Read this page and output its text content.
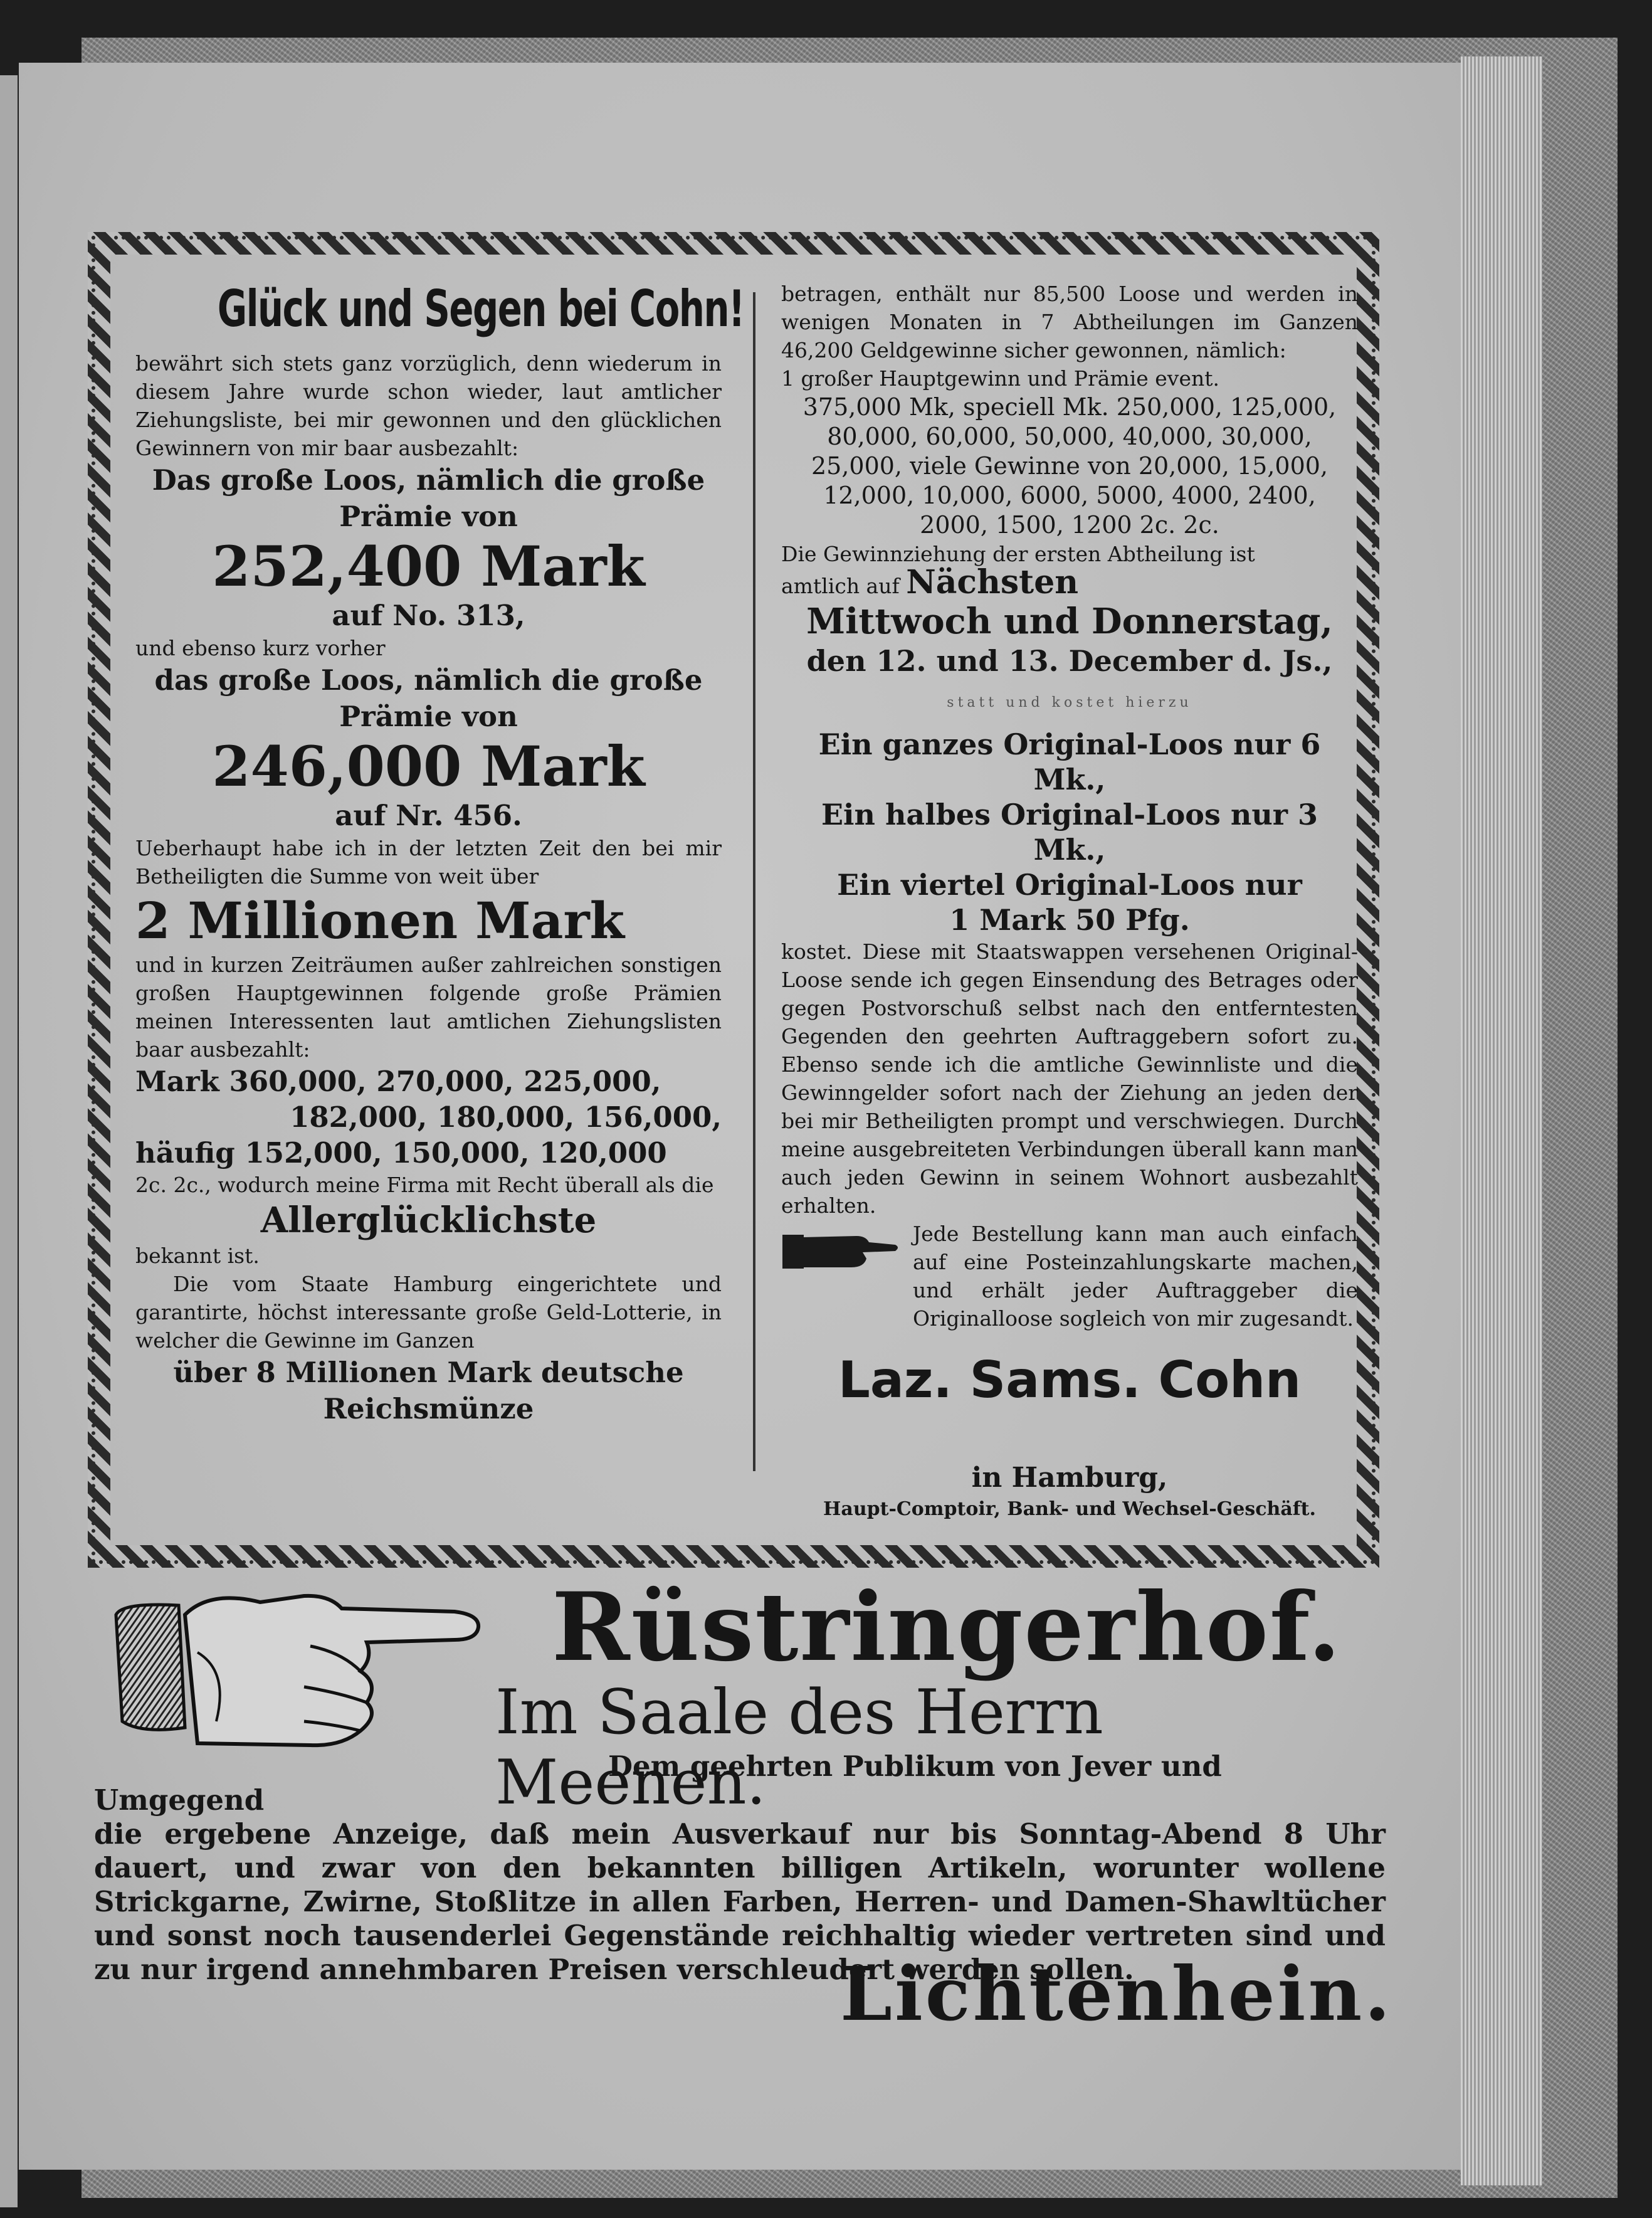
Glück und Segen bei Cohn!

bewährt sich stets ganz vorzüglich, denn wiederum in diesem Jahre wurde schon wieder, laut amtlicher Ziehungsliste, bei mir gewonnen und den glücklichen Gewinnern von mir baar ausbezahlt:

Das große Loos, nämlich die große

Prämie von

252,400 Mark

auf No. 313,

und ebenso kurz vorher

das große Loos, nämlich die große

Prämie von

246,000 Mark

auf Nr. 456.

Ueberhaupt habe ich in der letzten Zeit den bei mir Betheiligten die Summe von weit über

2 Millionen Mark

und in kurzen Zeiträumen außer zahlreichen sonstigen großen Hauptgewinnen folgende große Prämien meinen Interessenten laut amtlichen Ziehungslisten baar ausbezahlt:

Mark 360,000, 270,000, 225,000,

182,000, 180,000, 156,000,

häufig 152,000, 150,000, 120,000

2c. 2c., wodurch meine Firma mit Recht überall als die

Allerglücklichste

bekannt ist.

Die vom Staate Hamburg eingerichtete und garantirte, höchst interessante große Geld-Lotterie, in welcher die Gewinne im Ganzen

über 8 Millionen Mark deutsche

Reichsmünze

betragen, enthält nur 85,500 Loose und werden in wenigen Monaten in 7 Abtheilungen im Ganzen 46,200 Geldgewinne sicher gewonnen, nämlich:

1 großer Hauptgewinn und Prämie event.

375,000 Mk, speciell Mk. 250,000, 125,000,

80,000, 60,000, 50,000, 40,000, 30,000,

25,000, viele Gewinne von 20,000, 15,000,

12,000, 10,000, 6000, 5000, 4000, 2400,

2000, 1500, 1200 2c. 2c.

Die Gewinnziehung der ersten Abtheilung ist

amtlich auf Nächsten

Mittwoch und Donnerstag,

den 12. und 13. December d. Js.,

statt und kostet hierzu

Ein ganzes Original-Loos nur 6 Mk.,

Ein halbes Original-Loos nur 3 Mk.,

Ein viertel Original-Loos nur

1 Mark 50 Pfg.

kostet. Diese mit Staatswappen versehenen Original-Loose sende ich gegen Einsendung des Betrages oder gegen Postvorschuß selbst nach den entferntesten Gegenden den geehrten Auftraggebern sofort zu. Ebenso sende ich die amtliche Gewinnliste und die Gewinngelder sofort nach der Ziehung an jeden der bei mir Betheiligten prompt und verschwiegen. Durch meine ausgebreiteten Verbindungen überall kann man auch jeden Gewinn in seinem Wohnort ausbezahlt erhalten.

Jede Bestellung kann man auch einfach auf eine Posteinzahlungskarte machen, und erhält jeder Auftraggeber die Originalloose sogleich von mir zugesandt.

Laz. Sams. Cohn

in Hamburg,

Haupt-Comptoir, Bank- und Wechsel-Geschäft.

Rüstringerhof.

Im Saale des Herrn Meenen.

Dem geehrten Publikum von Jever und Umgegend

die ergebene Anzeige, daß mein Ausverkauf nur bis Sonntag-Abend 8 Uhr dauert, und zwar von den bekannten billigen Artikeln, worunter wollene Strickgarne, Zwirne, Stoßlitze in allen Farben, Herren- und Damen-Shawltücher und sonst noch tausenderlei Gegenstände reichhaltig wieder vertreten sind und zu nur irgend annehmbaren Preisen verschleudert werden sollen.

Lichtenhein.
